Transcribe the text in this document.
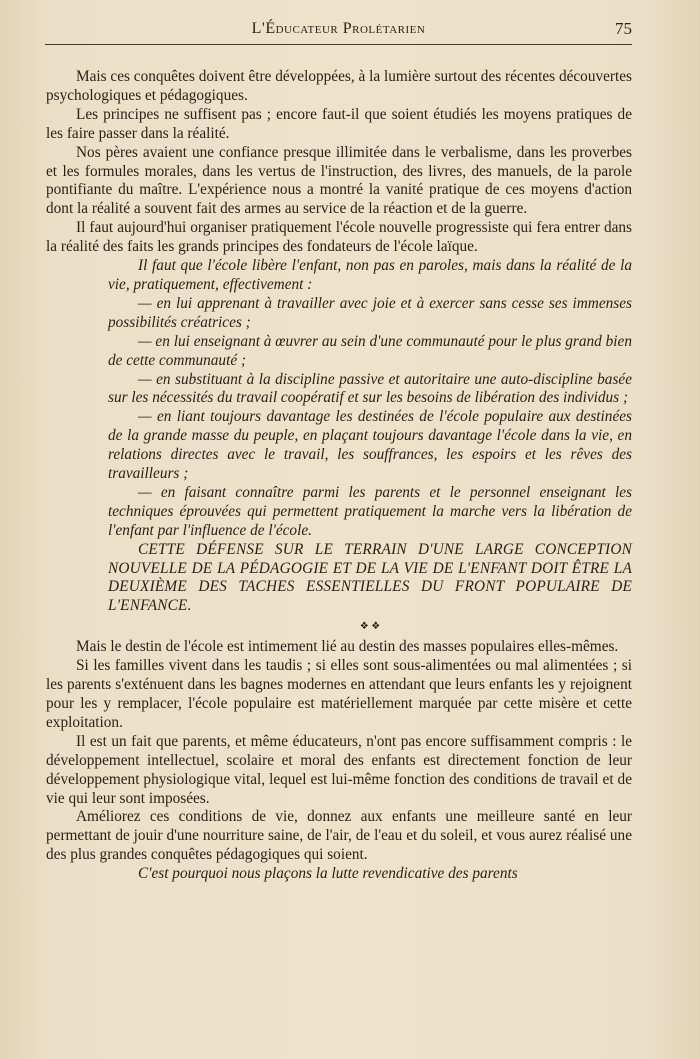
L'Éducateur Prolétarien	75

Mais ces conquêtes doivent être développées, à la lumière surtout des récentes découvertes psychologiques et pédagogiques.

Les principes ne suffisent pas ; encore faut-il que soient étudiés les moyens pratiques de les faire passer dans la réalité.

Nos pères avaient une confiance presque illimitée dans le verbalisme, dans les proverbes et les formules morales, dans les vertus de l'instruction, des livres, des manuels, de la parole pontifiante du maître. L'expérience nous a montré la vanité pratique de ces moyens d'action dont la réalité a souvent fait des armes au service de la réaction et de la guerre.

Il faut aujourd'hui organiser pratiquement l'école nouvelle progressiste qui fera entrer dans la réalité des faits les grands principes des fondateurs de l'école laïque.

Il faut que l'école libère l'enfant, non pas en paroles, mais dans la réalité de la vie, pratiquement, effectivement :

— en lui apprenant à travailler avec joie et à exercer sans cesse ses immenses possibilités créatrices ;

— en lui enseignant à œuvrer au sein d'une communauté pour le plus grand bien de cette communauté ;

— en substituant à la discipline passive et autoritaire une auto-discipline basée sur les nécessités du travail coopératif et sur les besoins de libération des individus ;

— en liant toujours davantage les destinées de l'école populaire aux destinées de la grande masse du peuple, en plaçant toujours davantage l'école dans la vie, en relations directes avec le travail, les souffrances, les espoirs et les rêves des travailleurs ;

— en faisant connaître parmi les parents et le personnel enseignant les techniques éprouvées qui permettent pratiquement la marche vers la libération de l'enfant par l'influence de l'école.

CETTE DÉFENSE SUR LE TERRAIN D'UNE LARGE CONCEPTION NOUVELLE DE LA PÉDAGOGIE ET DE LA VIE DE L'ENFANT DOIT ÊTRE LA DEUXIÈME DES TACHES ESSENTIELLES DU FRONT POPULAIRE DE L'ENFANCE.

❖ ❖

Mais le destin de l'école est intimement lié au destin des masses populaires elles-mêmes.

Si les familles vivent dans les taudis ; si elles sont sous-alimentées ou mal alimentées ; si les parents s'exténuent dans les bagnes modernes en attendant que leurs enfants les y rejoignent pour les y remplacer, l'école populaire est matériellement marquée par cette misère et cette exploitation.

Il est un fait que parents, et même éducateurs, n'ont pas encore suffisamment compris : le développement intellectuel, scolaire et moral des enfants est directement fonction de leur développement physiologique vital, lequel est lui-même fonction des conditions de travail et de vie qui leur sont imposées.

Améliorez ces conditions de vie, donnez aux enfants une meilleure santé en leur permettant de jouir d'une nourriture saine, de l'air, de l'eau et du soleil, et vous aurez réalisé une des plus grandes conquêtes pédagogiques qui soient.

C'est pourquoi nous plaçons la lutte revendicative des parents
